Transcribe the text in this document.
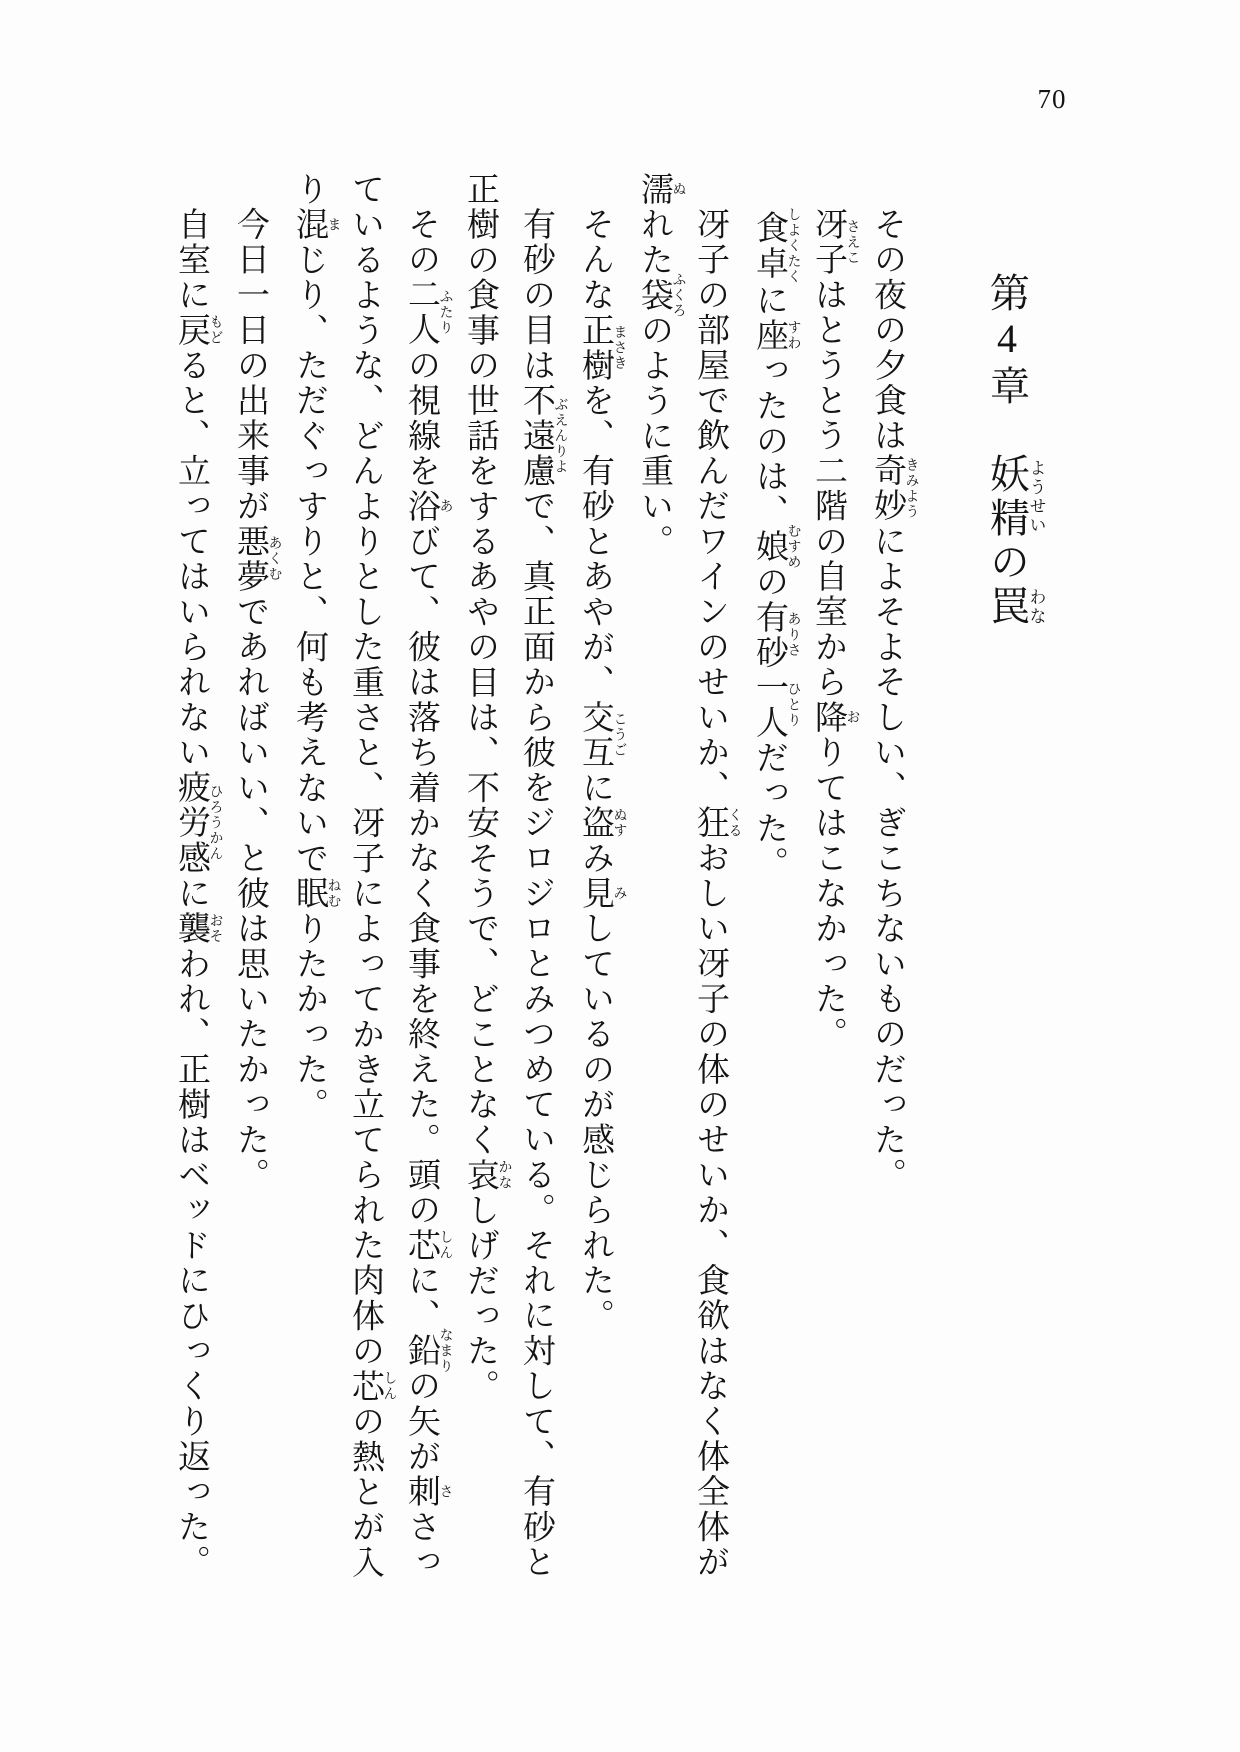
70
第4章　妖精ようせいの罠わな

その夜の夕食は奇妙きみようによそよそしい、ぎこちないものだった。

冴子さえこはとうとう二階の自室から降おりてはこなかった。

食卓しよくたくに座すわったのは、娘むすめの有砂ありさ一人ひとりだった。

冴子の部屋で飲んだワインのせいか、狂くるおしい冴子の体のせいか、食欲はなく体全体が濡ぬれた袋ふくろのように重い。

そんな正樹まさきを、有砂とあやが、交互こうごに盗ぬすみ見みしているのが感じられた。

有砂の目は不遠慮ぶえんりよで、真正面から彼をジロジロとみつめている。それに対して、有砂と正樹の食事の世話をするあやの目は、不安そうで、どことなく哀かなしげだった。

その二人ふたりの視線を浴あびて、彼は落ち着かなく食事を終えた。頭の芯しんに、鉛なまりの矢が刺ささっているような、どんよりとした重さと、冴子によってかき立てられた肉体の芯しんの熱とが入り混まじり、ただぐっすりと、何も考えないで眠ねむりたかった。

今日一日の出来事が悪夢あくむであればいい、と彼は思いたかった。

自室に戻もどると、立ってはいられない疲労感ひろうかんに襲おそわれ、正樹はベッドにひっくり返った。
